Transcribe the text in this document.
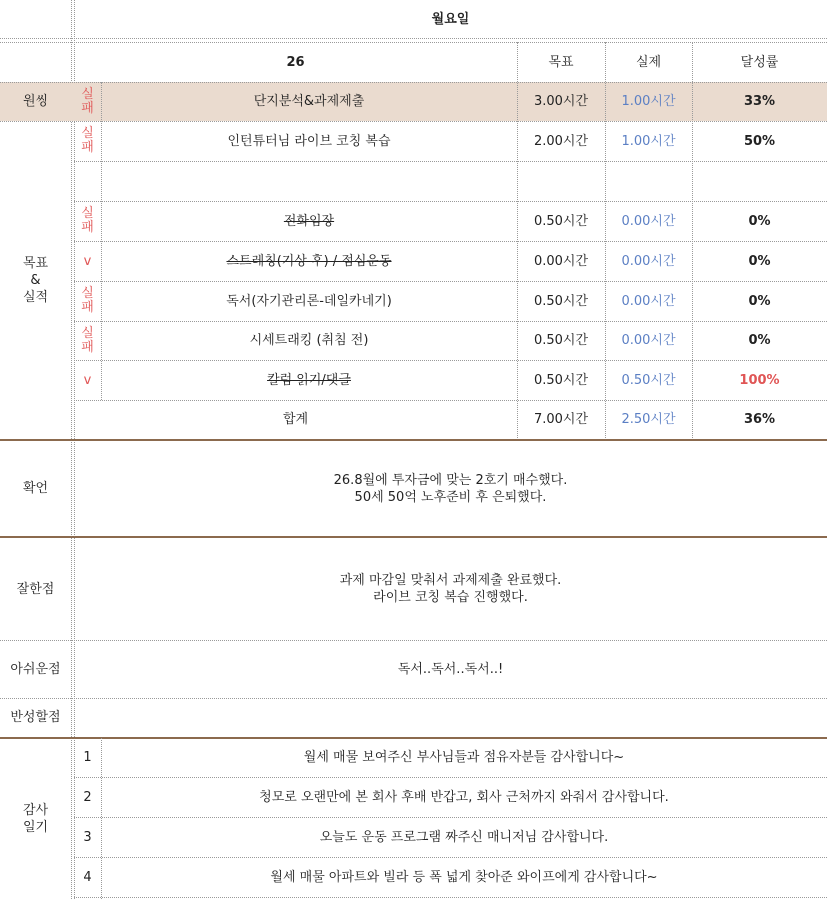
월요일
26	목표	실제	달성률
원씽	실패	단지분석&과제제출	3.00시간	1.00시간	33%
목표
&
실적
실패	인턴튜터님 라이브 코칭 복습	2.00시간	1.00시간	50%
실패	전화임장	0.50시간	0.00시간	0%
v	스트레칭(기상 후) / 점심운동	0.00시간	0.00시간	0%
실패	독서(자기관리론-데일카네기)	0.50시간	0.00시간	0%
실패	시세트래킹 (취침 전)	0.50시간	0.00시간	0%
v	칼럼 읽기/댓글	0.50시간	0.50시간	100%
합계	7.00시간	2.50시간	36%
확언
26.8월에 투자금에 맞는 2호기 매수했다.
50세 50억 노후준비 후 은퇴했다.
잘한점
과제 마감일 맞춰서 과제제출 완료했다.
라이브 코칭 복습 진행했다.
아쉬운점	독서..독서..독서..!
반성할점
감사
일기
1	월세 매물 보여주신 부사님들과 점유자분들 감사합니다~
2	청모로 오랜만에 본 회사 후배 반갑고, 회사 근처까지 와줘서 감사합니다.
3	오늘도 운동 프로그램 짜주신 매니저님 감사합니다.
4	월세 매물 아파트와 빌라 등 폭 넓게 찾아준 와이프에게 감사합니다~
